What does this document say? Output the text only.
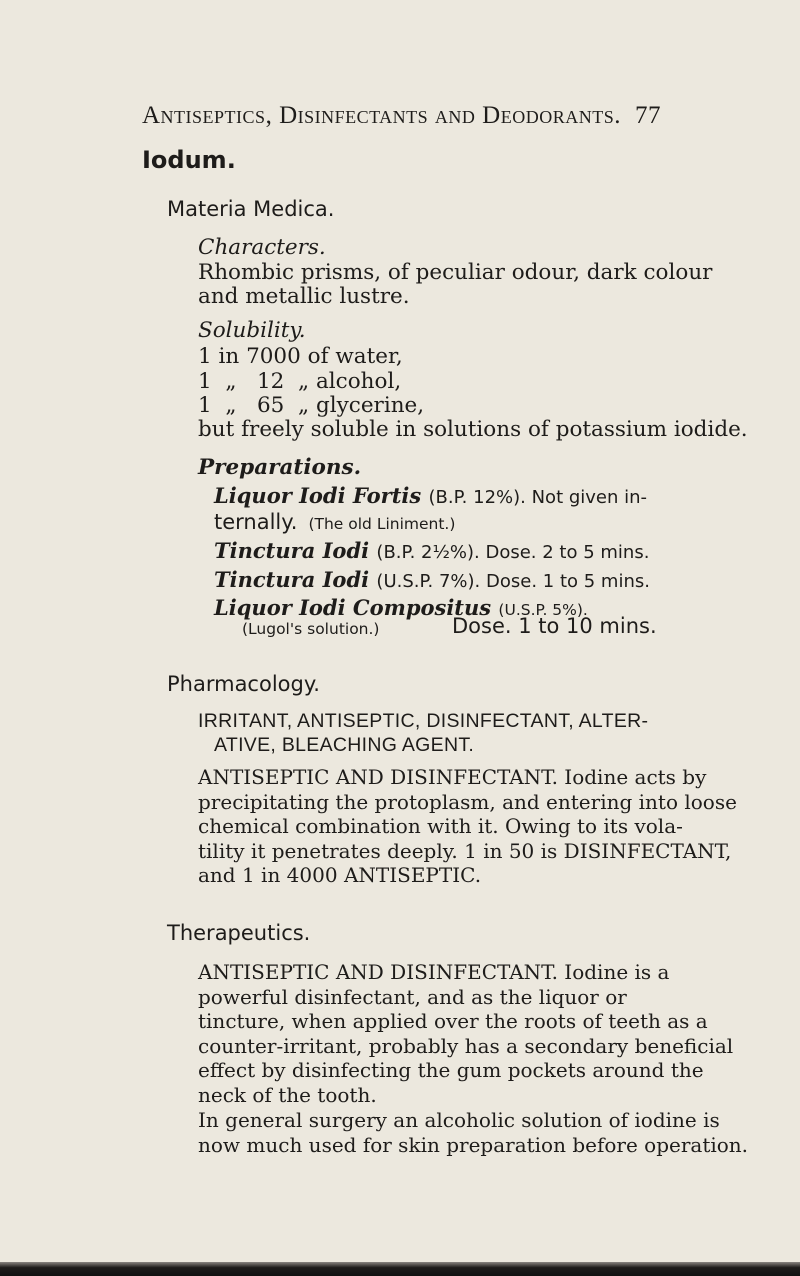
Antiseptics, Disinfectants and Deodorants. 77
Iodum.
Materia Medica.
Characters.
Rhombic prisms, of peculiar odour, dark colour
and metallic lustre.
Solubility.
1 in 7000 of water,
1  „   12  „ alcohol,
1  „   65  „ glycerine,
but freely soluble in solutions of potassium iodide.
Preparations.
Liquor Iodi Fortis (B.P. 12%). Not given in-
ternally. (The old Liniment.)
Tinctura Iodi (B.P. 2½%). Dose. 2 to 5 mins.
Tinctura Iodi (U.S.P. 7%). Dose. 1 to 5 mins.
Liquor Iodi Compositus (U.S.P. 5%).
(Lugol's solution.)	Dose. 1 to 10 mins.
Pharmacology.
IRRITANT, ANTISEPTIC, DISINFECTANT, ALTER-
ATIVE, BLEACHING AGENT.
ANTISEPTIC AND DISINFECTANT. Iodine acts by
precipitating the protoplasm, and entering into loose
chemical combination with it. Owing to its vola-
tility it penetrates deeply. 1 in 50 is DISINFECTANT,
and 1 in 4000 ANTISEPTIC.
Therapeutics.
ANTISEPTIC AND DISINFECTANT. Iodine is a
powerful disinfectant, and as the liquor or
tincture, when applied over the roots of teeth as a
counter-irritant, probably has a secondary beneficial
effect by disinfecting the gum pockets around the
neck of the tooth.
In general surgery an alcoholic solution of iodine is
now much used for skin preparation before operation.
